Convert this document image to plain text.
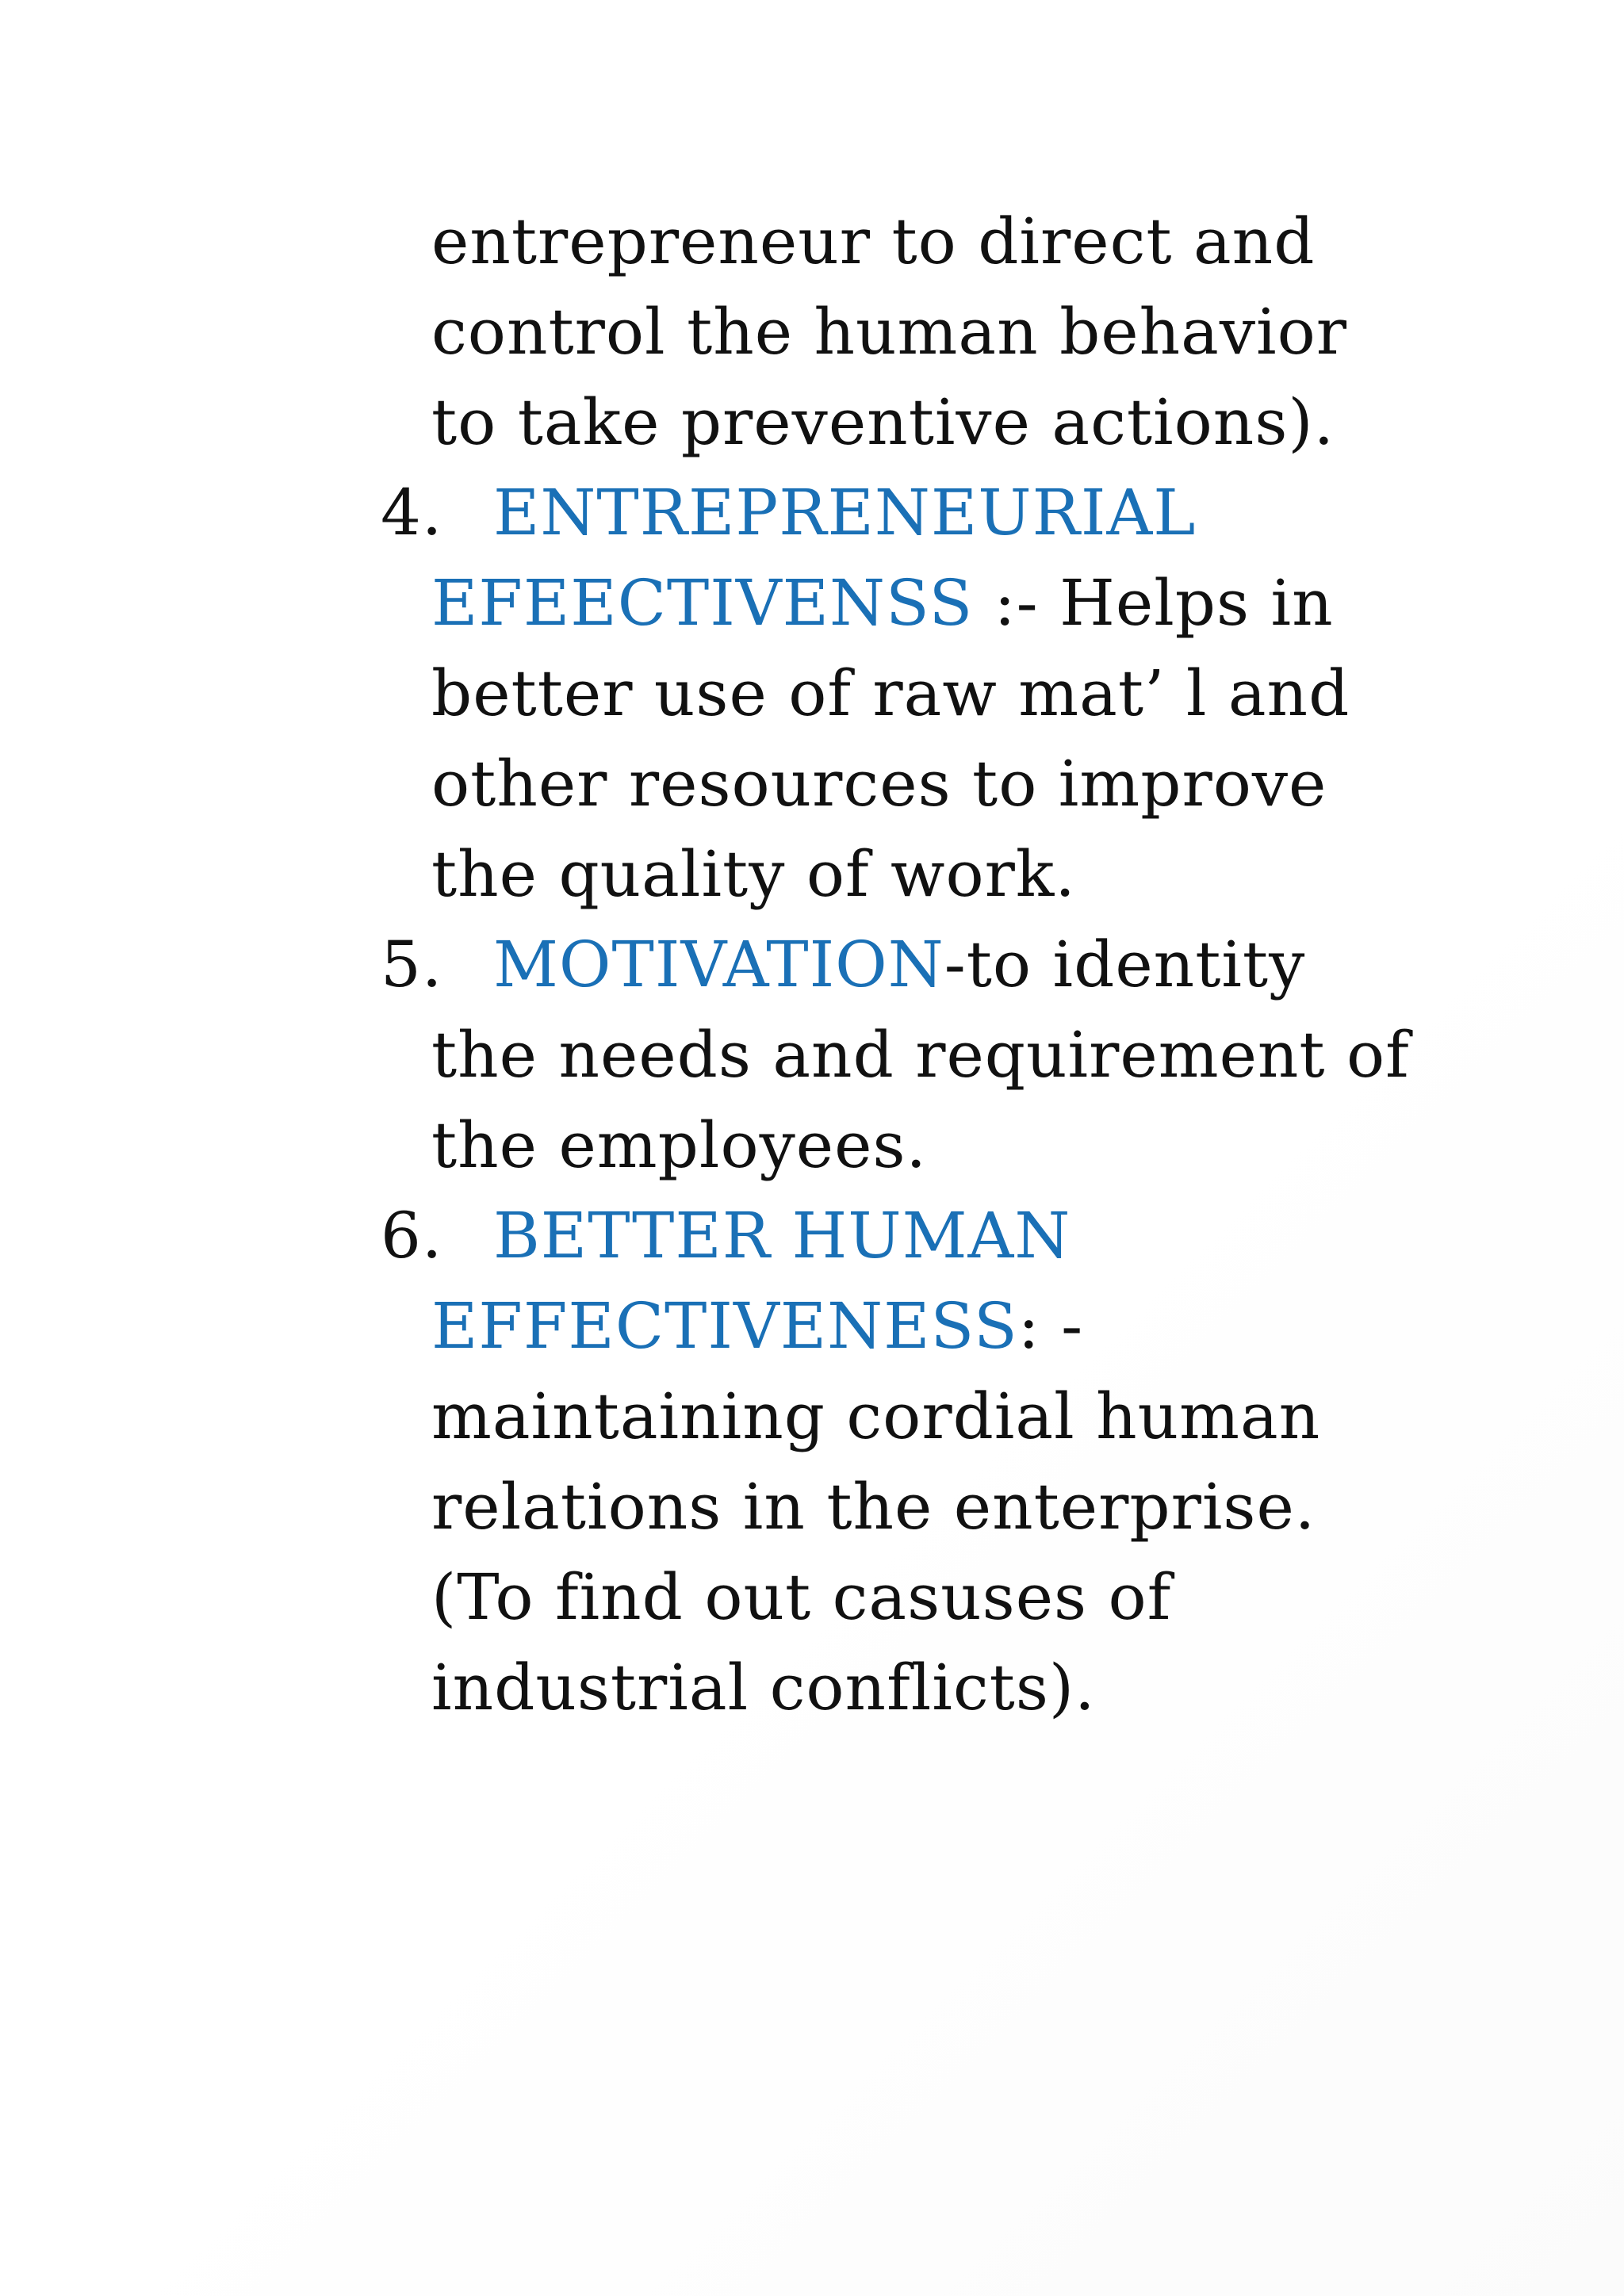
entrepreneur to direct and
control the human behavior
to take preventive actions).
4. ENTREPRENEURIAL
EFEECTIVENSS :- Helps in
better use of raw mat’ l and
other resources to improve
the quality of work.
5. MOTIVATION-to identity
the needs and requirement of
the employees.
6. BETTER HUMAN
EFFECTIVENESS: -
maintaining cordial human
relations in the enterprise.
(To find out casuses of
industrial conflicts).
